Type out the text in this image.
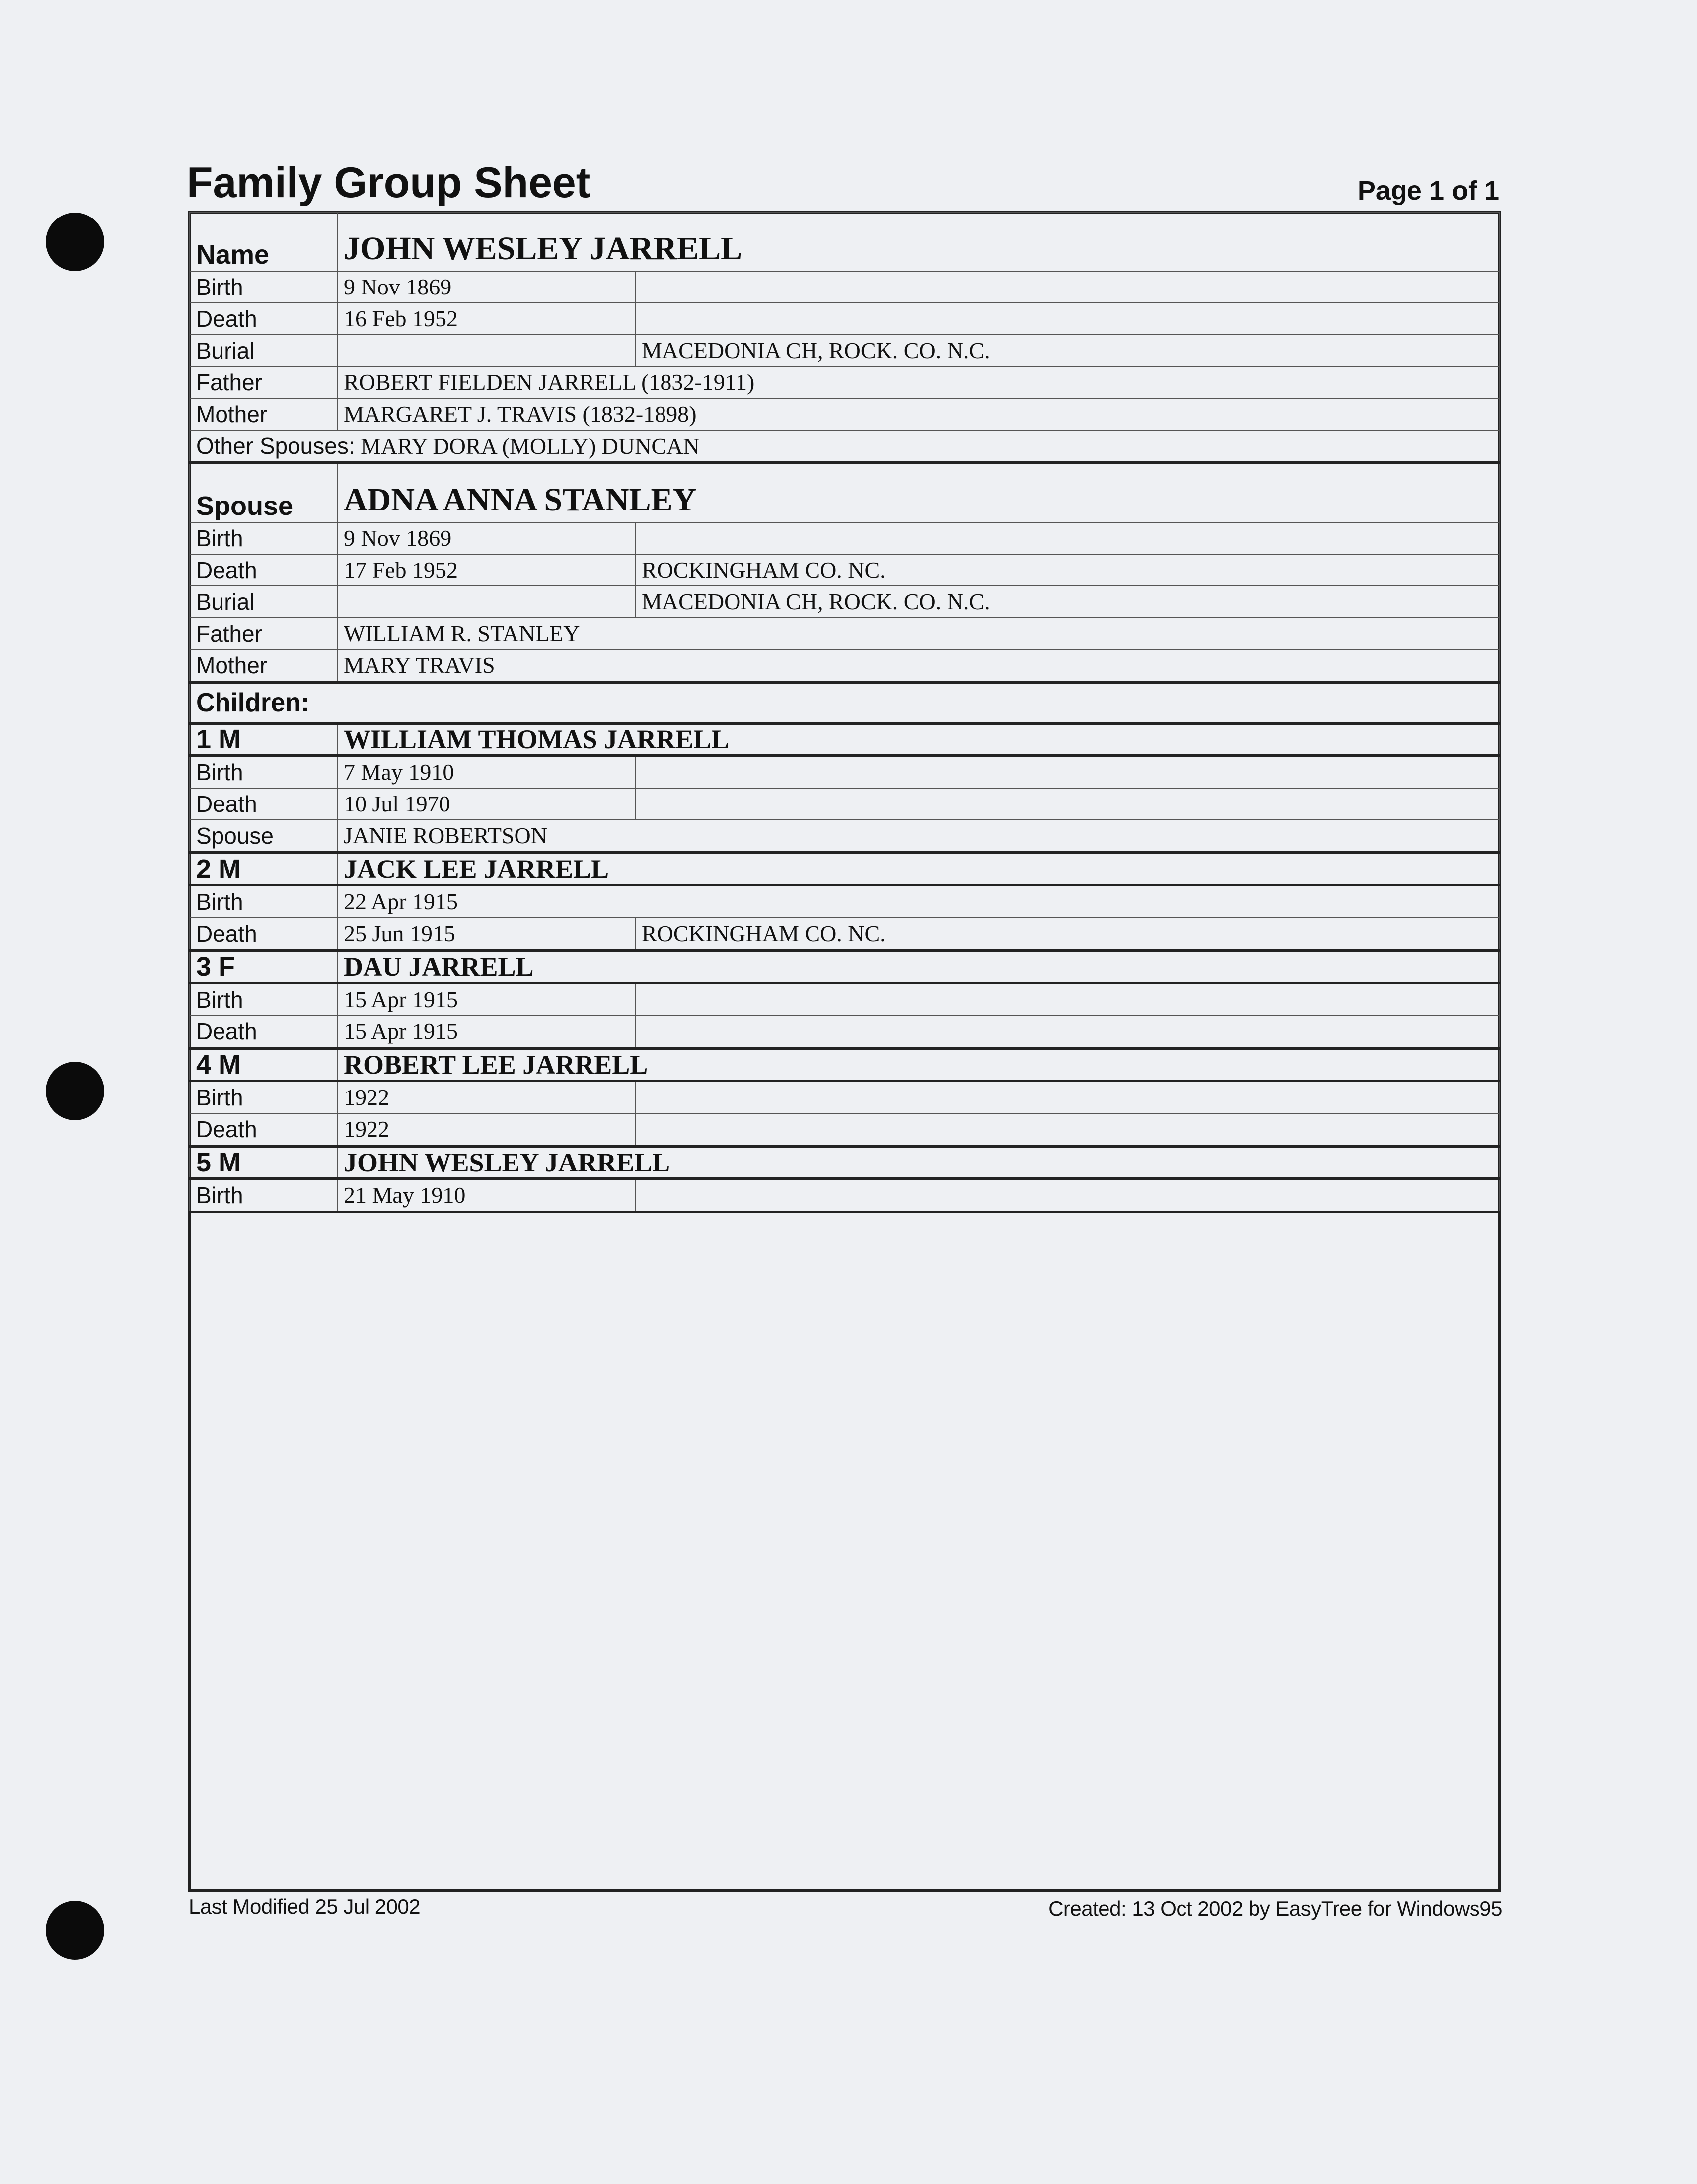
Family Group Sheet	Page 1 of 1
Name	JOHN WESLEY JARRELL	
Birth	9 Nov 1869	
Death	16 Feb 1952	
Burial		MACEDONIA CH, ROCK. CO. N.C.
Father	ROBERT FIELDEN JARRELL (1832-1911)	
Mother	MARGARET J. TRAVIS (1832-1898)	
Other Spouses: MARY DORA (MOLLY) DUNCAN		
Spouse	ADNA ANNA STANLEY	
Birth	9 Nov 1869	
Death	17 Feb 1952	ROCKINGHAM CO. NC.
Burial		MACEDONIA CH, ROCK. CO. N.C.
Father	WILLIAM R. STANLEY	
Mother	MARY TRAVIS	
Children:		
1 M	WILLIAM THOMAS JARRELL	
Birth	7 May 1910	
Death	10 Jul 1970	
Spouse	JANIE ROBERTSON	
2 M	JACK LEE JARRELL	
Birth	22 Apr 1915	
Death	25 Jun 1915	ROCKINGHAM CO. NC.
3 F	DAU JARRELL	
Birth	15 Apr 1915	
Death	15 Apr 1915	
4 M	ROBERT LEE JARRELL	
Birth	1922	
Death	1922	
5 M	JOHN WESLEY JARRELL	
Birth	21 May 1910	
Last Modified 25 Jul 2002	Created: 13 Oct 2002 by EasyTree for Windows95
